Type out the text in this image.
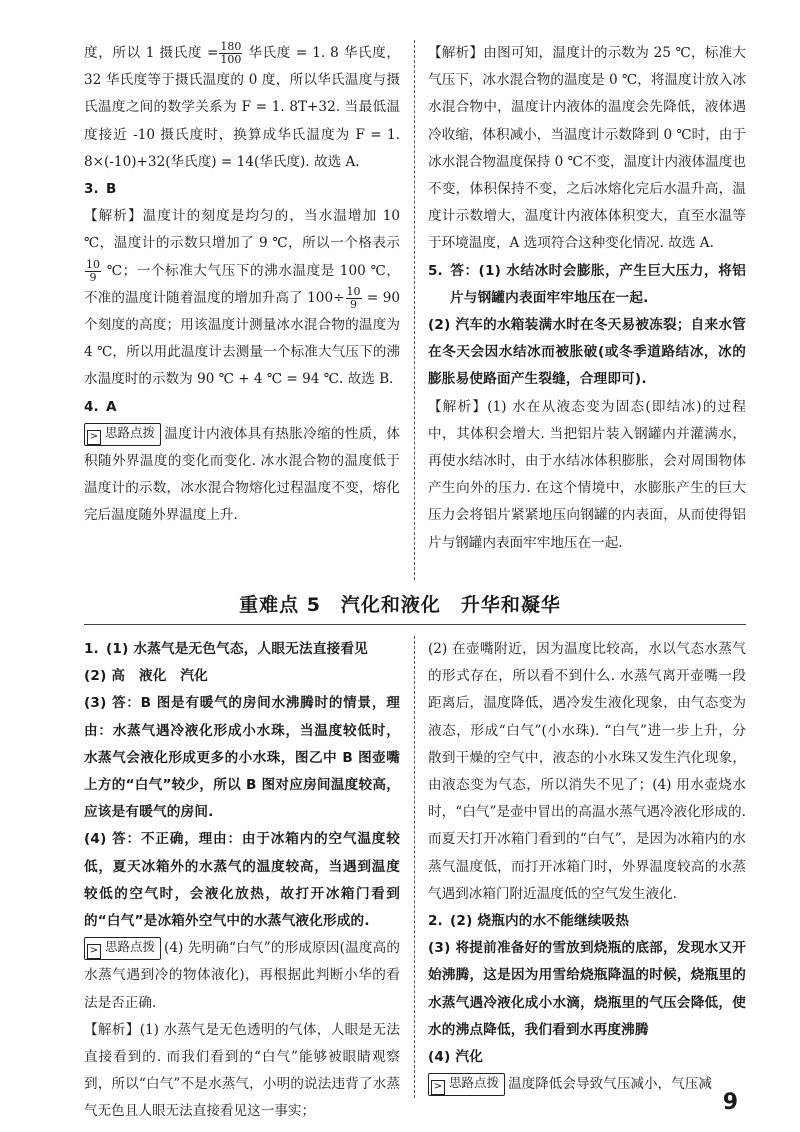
度，所以 1 摄氏度 = $\frac{180}{100}$ 华氏度 = 1. 8 华氏度，32 华氏度等于摄氏温度的 0 度，所以华氏温度与摄氏温度之间的数学关系为 F = 1. 8T+32. 当最低温度接近 -10 摄氏度时，换算成华氏温度为 F = 1. 8×(-10)+32(华氏度) = 14(华氏度). 故选 A.

3. B

【解析】温度计的刻度是均匀的，当水温增加 10 ℃，温度计的示数只增加了 9 ℃，所以一个格表示
$\frac{10}{9}$ ℃；一个标准大气压下的沸水温度是 100 ℃，不准的温度计随着温度的增加升高了 $100\div \frac{10}{9} = 90$ 个刻度的高度；用该温度计测量冰水混合物的温度为 4 ℃，所以用此温度计去测量一个标准大气压下的沸水温度时的示数为 90 ℃ + 4 ℃ = 94 ℃. 故选 B.

4. A

> 思路点拨 温度计内液体具有热胀冷缩的性质，体积随外界温度的变化而变化. 冰水混合物的温度低于温度计的示数，冰水混合物熔化过程温度不变，熔化完后温度随外界温度上升.

【解析】由图可知，温度计的示数为 25 ℃，标准大气压下，冰水混合物的温度是 0 ℃，将温度计放入冰水混合物中，温度计内液体的温度会先降低，液体遇冷收缩，体积减小，当温度计示数降到 0 ℃时，由于冰水混合物温度保持 0 ℃不变，温度计内液体温度也不变，体积保持不变，之后冰熔化完后水温升高，温度计示数增大，温度计内液体体积变大，直至水温等于环境温度，A 选项符合这种变化情况. 故选 A.

5. 答：(1) 水结冰时会膨胀，产生巨大压力，将铝片与钢罐内表面牢牢地压在一起.

(2) 汽车的水箱装满水时在冬天易被冻裂；自来水管在冬天会因水结冰而被胀破(或冬季道路结冰，冰的膨胀易使路面产生裂缝，合理即可).

【解析】(1) 水在从液态变为固态(即结冰)的过程中，其体积会增大. 当把铝片装入钢罐内并灌满水，再使水结冰时，由于水结冰体积膨胀，会对周围物体产生向外的压力. 在这个情境中，水膨胀产生的巨大压力会将铝片紧紧地压向钢罐的内表面，从而使得铝片与钢罐内表面牢牢地压在一起.

重难点 5　汽化和液化　升华和凝华

1. (1) 水蒸气是无色气态，人眼无法直接看见

(2) 高　液化　汽化

(3) 答：B 图是有暖气的房间水沸腾时的情景，理由：水蒸气遇冷液化形成小水珠，当温度较低时，水蒸气会液化形成更多的小水珠，图乙中 B 图壶嘴上方的“白气”较少，所以 B 图对应房间温度较高，应该是有暖气的房间.

(4) 答：不正确，理由：由于冰箱内的空气温度较低，夏天冰箱外的水蒸气的温度较高，当遇到温度较低的空气时，会液化放热，故打开冰箱门看到的“白气”是冰箱外空气中的水蒸气液化形成的.

> 思路点拨 (4) 先明确“白气”的形成原因(温度高的水蒸气遇到冷的物体液化)，再根据此判断小华的看法是否正确.

【解析】(1) 水蒸气是无色透明的气体，人眼是无法直接看到的. 而我们看到的“白气”能够被眼睛观察到，所以“白气”不是水蒸气，小明的说法违背了水蒸气无色且人眼无法直接看见这一事实；

(2) 在壶嘴附近，因为温度比较高，水以气态水蒸气的形式存在，所以看不到什么. 水蒸气离开壶嘴一段距离后，温度降低，遇冷发生液化现象，由气态变为液态，形成“白气”(小水珠). “白气”进一步上升，分散到干燥的空气中，液态的小水珠又发生汽化现象，由液态变为气态，所以消失不见了；(4) 用水壶烧水时，“白气”是壶中冒出的高温水蒸气遇冷液化形成的. 而夏天打开冰箱门看到的“白气”，是因为冰箱内的水蒸气温度低，而打开冰箱门时，外界温度较高的水蒸气遇到冰箱门附近温度低的空气发生液化.

2. (2) 烧瓶内的水不能继续吸热

(3) 将提前准备好的雪放到烧瓶的底部，发现水又开始沸腾，这是因为用雪给烧瓶降温的时候，烧瓶里的水蒸气遇冷液化成小水滴，烧瓶里的气压会降低，使水的沸点降低，我们看到水再度沸腾

(4) 汽化

> 思路点拨 温度降低会导致气压减小，气压减

9
